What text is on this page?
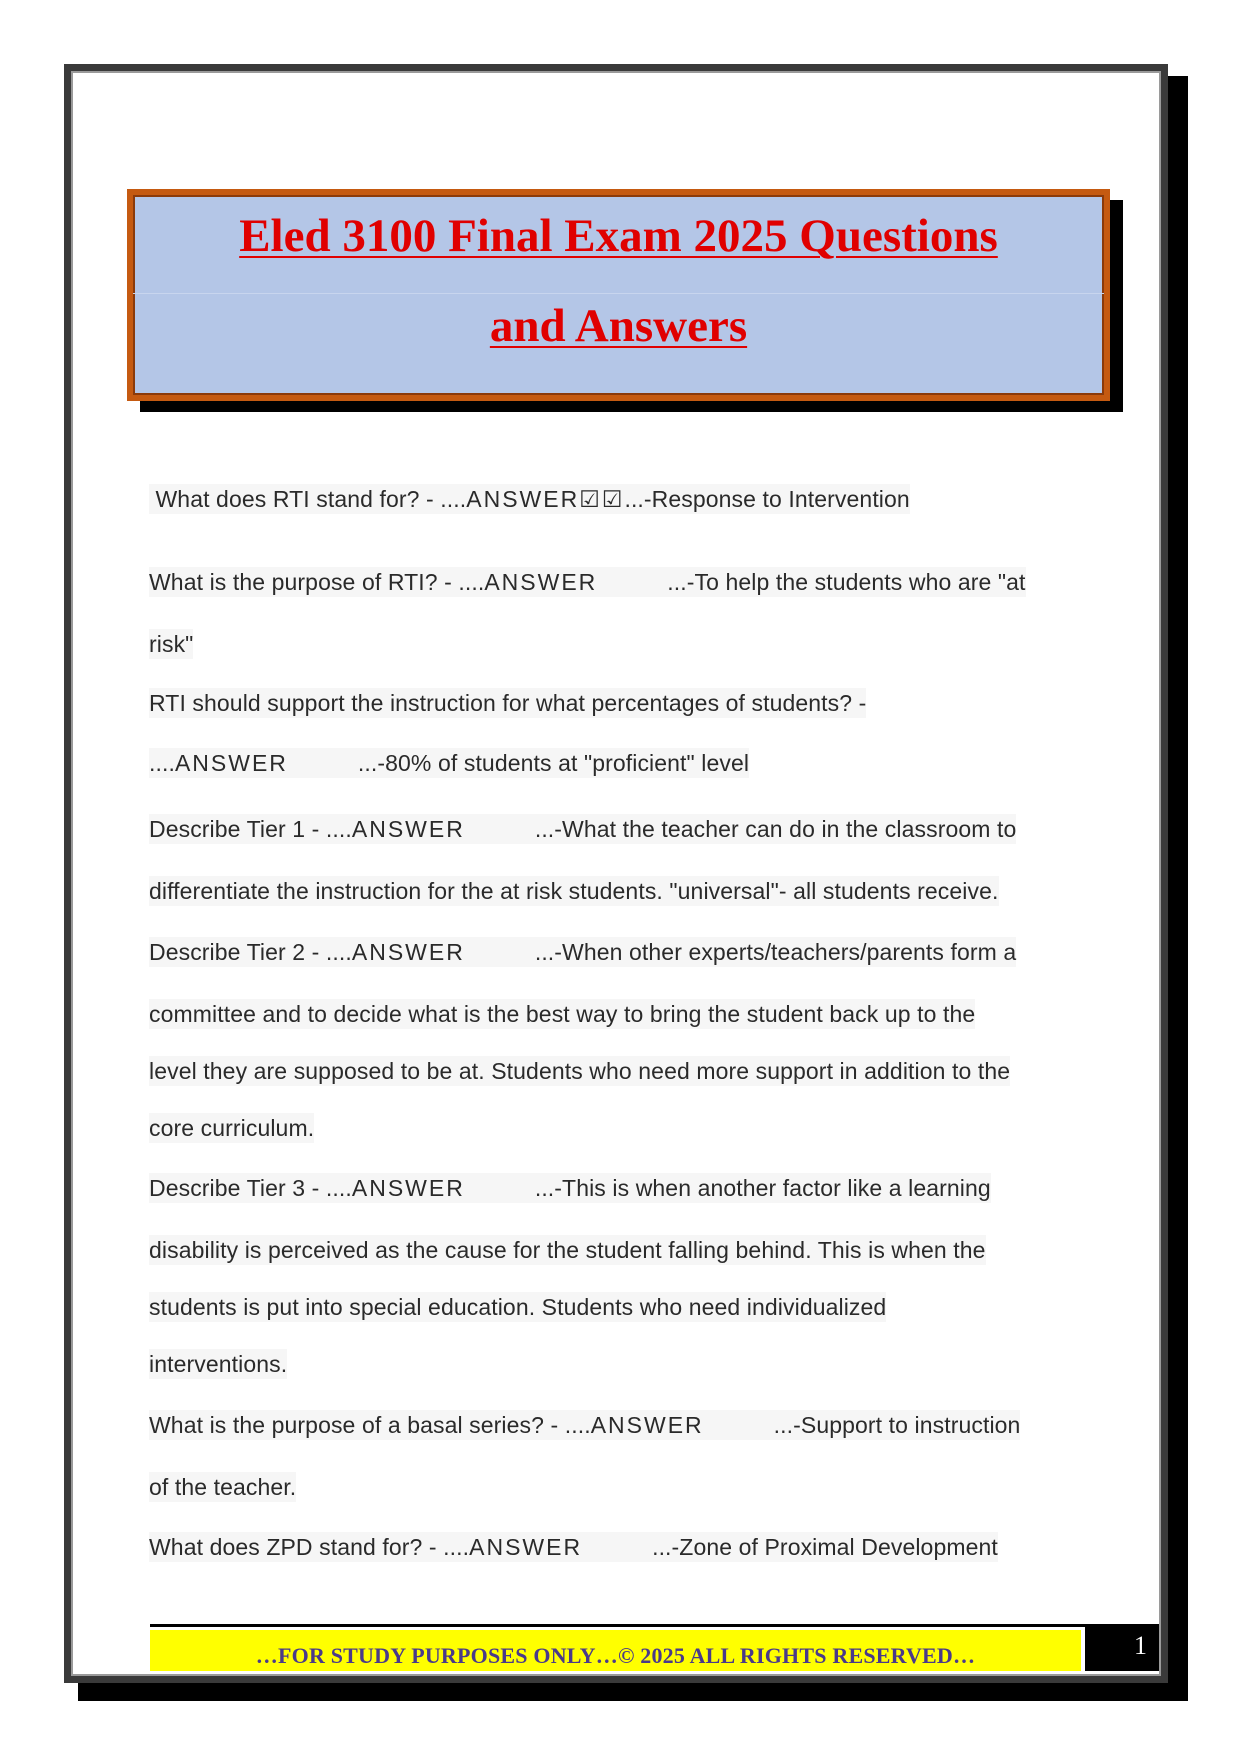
Eled 3100 Final Exam 2025 Questions
and Answers
What does RTI stand for? - ....ANSWER☑☑...-Response to Intervention
What is the purpose of RTI? - ....ANSWER	...-To help the students who are "at
risk"
RTI should support the instruction for what percentages of students? -
....ANSWER	...-80% of students at "proficient" level
Describe Tier 1 - ....ANSWER	...-What the teacher can do in the classroom to
differentiate the instruction for the at risk students. "universal"- all students receive.
Describe Tier 2 - ....ANSWER	...-When other experts/teachers/parents form a
committee and to decide what is the best way to bring the student back up to the
level they are supposed to be at. Students who need more support in addition to the
core curriculum.
Describe Tier 3 - ....ANSWER	...-This is when another factor like a learning
disability is perceived as the cause for the student falling behind. This is when the
students is put into special education. Students who need individualized
interventions.
What is the purpose of a basal series? - ....ANSWER	...-Support to instruction
of the teacher.
What does ZPD stand for? - ....ANSWER	...-Zone of Proximal Development
…FOR STUDY PURPOSES ONLY…© 2025 ALL RIGHTS RESERVED…	1
